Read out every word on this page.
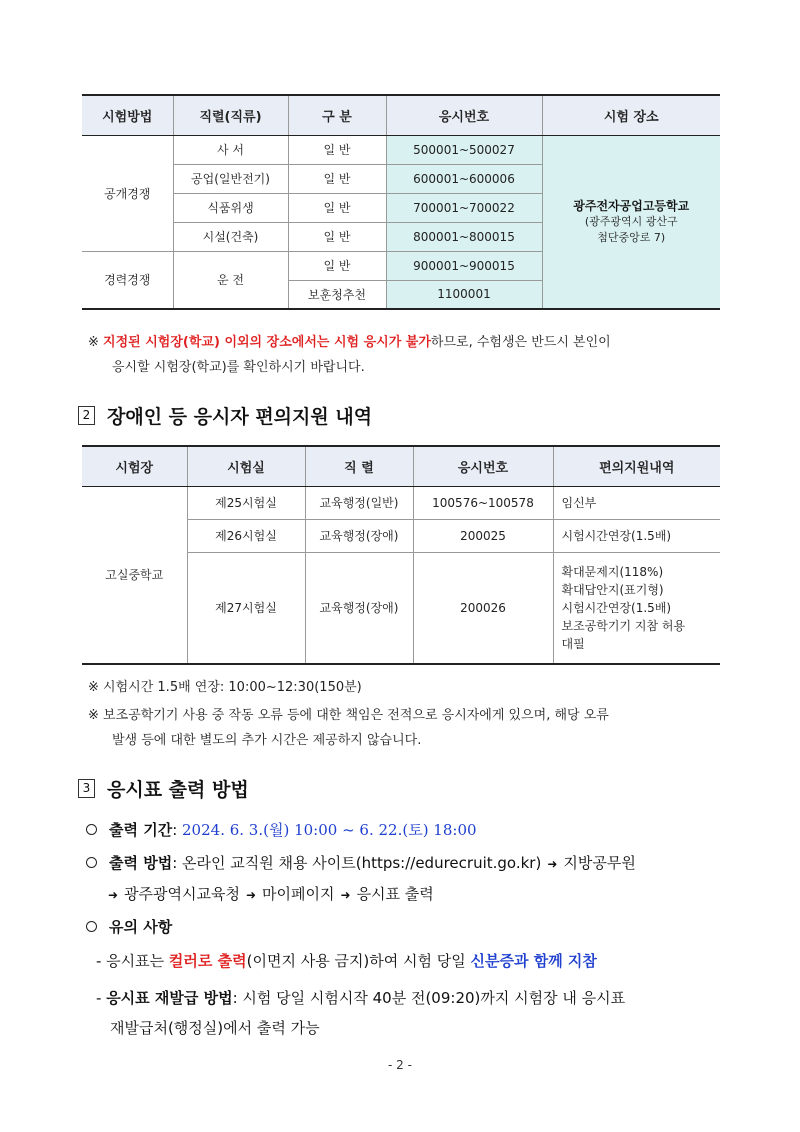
시험방법	직렬(직류)	구 분	응시번호	시험 장소
공개경쟁	사 서	일 반	500001~500027	광주전자공업고등학교
(광주광역시 광산구
첨단중앙로 7)

	공업(일반전기)	일 반	600001~600006	
	식품위생	일 반	700001~700022	
	시설(건축)	일 반	800001~800015	
경력경쟁	운 전	일 반	900001~900015	
		보훈청추천	1100001	
※ 지정된 시험장(학교) 이외의 장소에서는 시험 응시가 불가하므로, 수험생은 반드시 본인이
응시할 시험장(학교)를 확인하시기 바랍니다.
2 장애인 등 응시자 편의지원 내역
시험장	시험실	직 렬	응시번호	편의지원내역
고실중학교	제25시험실	교육행정(일반)	100576~100578	임신부
	제26시험실	교육행정(장애)	200025	시험시간연장(1.5배)
	제27시험실	교육행정(장애)	200026	확대문제지(118%)
확대답안지(표기형)
시험시간연장(1.5배)
보조공학기기 지참 허용
대필
※ 시험시간 1.5배 연장: 10:00~12:30(150분)
※ 보조공학기기 사용 중 작동 오류 등에 대한 책임은 전적으로 응시자에게 있으며, 해당 오류
발생 등에 대한 별도의 추가 시간은 제공하지 않습니다.
3 응시표 출력 방법
출력 기간: 2024. 6. 3.(월) 10:00 ~ 6. 22.(토) 18:00
출력 방법: 온라인 교직원 채용 사이트(https://edurecruit.go.kr) ➜ 지방공무원
➜ 광주광역시교육청 ➜ 마이페이지 ➜ 응시표 출력
유의 사항
- 응시표는 컬러로 출력(이면지 사용 금지)하여 시험 당일 신분증과 함께 지참
- 응시표 재발급 방법: 시험 당일 시험시작 40분 전(09:20)까지 시험장 내 응시표
재발급처(행정실)에서 출력 가능
- 2 -
